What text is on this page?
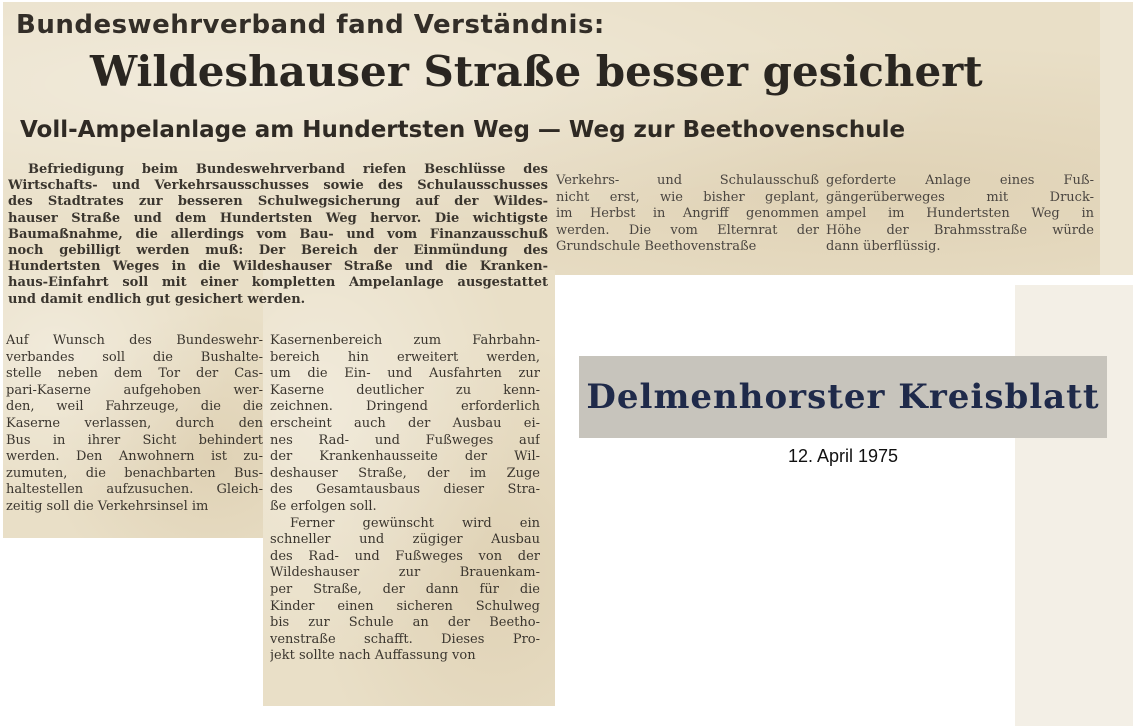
Bundeswehrverband fand Verständnis:
Wildeshauser Straße besser gesichert
Voll-Ampelanlage am Hundertsten Weg — Weg zur Beethovenschule
Befriedigung beim Bundeswehrverband riefen Beschlüsse des
Wirtschafts- und Verkehrsausschusses sowie des Schulausschusses
des Stadtrates zur besseren Schulwegsicherung auf der Wildes-
hauser Straße und dem Hundertsten Weg hervor. Die wichtigste
Baumaßnahme, die allerdings vom Bau- und vom Finanzausschuß
noch gebilligt werden muß: Der Bereich der Einmündung des
Hundertsten Weges in die Wildeshauser Straße und die Kranken-
haus-Einfahrt soll mit einer kompletten Ampelanlage ausgestattet
und damit endlich gut gesichert werden.
Auf Wunsch des Bundeswehr-
verbandes soll die Bushalte-
stelle neben dem Tor der Cas-
pari-Kaserne aufgehoben wer-
den, weil Fahrzeuge, die die
Kaserne verlassen, durch den
Bus in ihrer Sicht behindert
werden. Den Anwohnern ist zu-
zumuten, die benachbarten Bus-
haltestellen aufzusuchen. Gleich-
zeitig soll die Verkehrsinsel im
Kasernenbereich zum Fahrbahn-
bereich hin erweitert werden,
um die Ein- und Ausfahrten zur
Kaserne deutlicher zu kenn-
zeichnen. Dringend erforderlich
erscheint auch der Ausbau ei-
nes Rad- und Fußweges auf
der Krankenhausseite der Wil-
deshauser Straße, der im Zuge
des Gesamtausbaus dieser Stra-
ße erfolgen soll.
Ferner gewünscht wird ein
schneller und zügiger Ausbau
des Rad- und Fußweges von der
Wildeshauser zur Brauenkam-
per Straße, der dann für die
Kinder einen sicheren Schulweg
bis zur Schule an der Beetho-
venstraße schafft. Dieses Pro-
jekt sollte nach Auffassung von
Verkehrs- und Schulausschuß
nicht erst, wie bisher geplant,
im Herbst in Angriff genommen
werden. Die vom Elternrat der
Grundschule Beethovenstraße
geforderte Anlage eines Fuß-
gängerüberweges mit Druck-
ampel im Hundertsten Weg in
Höhe der Brahmsstraße würde
dann überflüssig.
Delmenhorster Kreisblatt
12. April 1975
